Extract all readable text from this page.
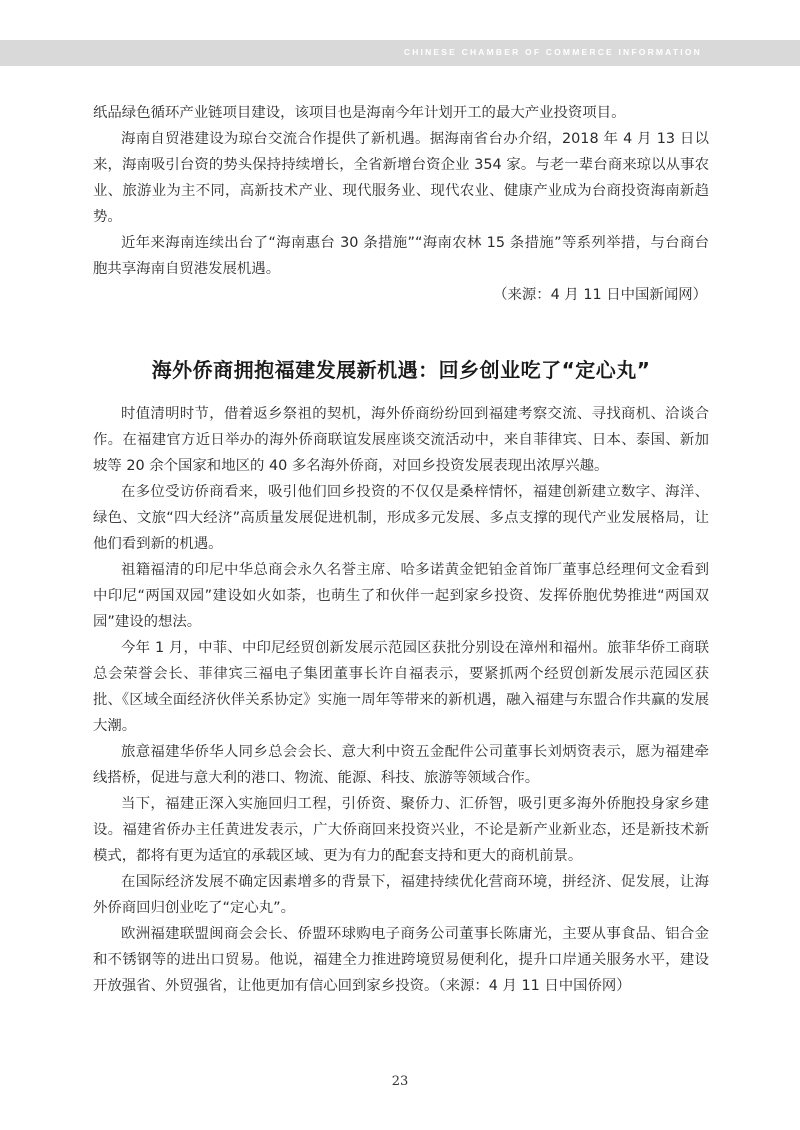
CHINESE CHAMBER OF COMMERCE INFORMATION

纸品绿色循环产业链项目建设，该项目也是海南今年计划开工的最大产业投资项目。

海南自贸港建设为琼台交流合作提供了新机遇。据海南省台办介绍，2018 年 4 月 13 日以来，海南吸引台资的势头保持持续增长，全省新增台资企业 354 家。与老一辈台商来琼以从事农业、旅游业为主不同，高新技术产业、现代服务业、现代农业、健康产业成为台商投资海南新趋势。

近年来海南连续出台了“海南惠台 30 条措施”“海南农林 15 条措施”等系列举措，与台商台胞共享海南自贸港发展机遇。
（来源：4 月 11 日中国新闻网）

海外侨商拥抱福建发展新机遇：回乡创业吃了“定心丸”

时值清明时节，借着返乡祭祖的契机，海外侨商纷纷回到福建考察交流、寻找商机、洽谈合作。在福建官方近日举办的海外侨商联谊发展座谈交流活动中，来自菲律宾、日本、泰国、新加坡等 20 余个国家和地区的 40 多名海外侨商，对回乡投资发展表现出浓厚兴趣。

在多位受访侨商看来，吸引他们回乡投资的不仅仅是桑梓情怀，福建创新建立数字、海洋、绿色、文旅“四大经济”高质量发展促进机制，形成多元发展、多点支撑的现代产业发展格局，让他们看到新的机遇。

祖籍福清的印尼中华总商会永久名誉主席、哈多诺黄金钯铂金首饰厂董事总经理何文金看到中印尼“两国双园”建设如火如荼，也萌生了和伙伴一起到家乡投资、发挥侨胞优势推进“两国双园”建设的想法。

今年 1 月，中菲、中印尼经贸创新发展示范园区获批分别设在漳州和福州。旅菲华侨工商联总会荣誉会长、菲律宾三福电子集团董事长许自福表示，要紧抓两个经贸创新发展示范园区获批、《区域全面经济伙伴关系协定》实施一周年等带来的新机遇，融入福建与东盟合作共赢的发展大潮。

旅意福建华侨华人同乡总会会长、意大利中资五金配件公司董事长刘炳资表示，愿为福建牵线搭桥，促进与意大利的港口、物流、能源、科技、旅游等领域合作。

当下，福建正深入实施回归工程，引侨资、聚侨力、汇侨智，吸引更多海外侨胞投身家乡建设。福建省侨办主任黄进发表示，广大侨商回来投资兴业，不论是新产业新业态，还是新技术新模式，都将有更为适宜的承载区域、更为有力的配套支持和更大的商机前景。

在国际经济发展不确定因素增多的背景下，福建持续优化营商环境，拼经济、促发展，让海外侨商回归创业吃了“定心丸”。

欧洲福建联盟闽商会会长、侨盟环球购电子商务公司董事长陈庸光，主要从事食品、铝合金和不锈钢等的进出口贸易。他说，福建全力推进跨境贸易便利化，提升口岸通关服务水平，建设开放强省、外贸强省，让他更加有信心回到家乡投资。（来源：4 月 11 日中国侨网）

23
